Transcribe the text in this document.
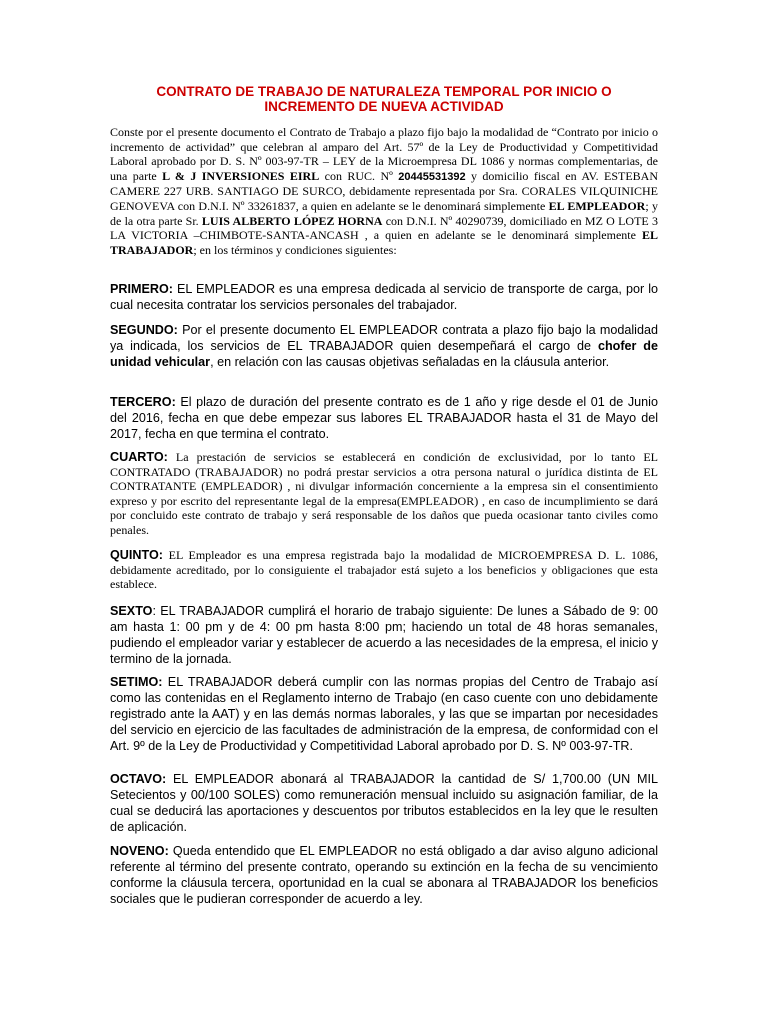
CONTRATO DE TRABAJO DE NATURALEZA TEMPORAL POR INICIO O INCREMENTO DE NUEVA ACTIVIDAD

Conste por el presente documento el Contrato de Trabajo a plazo fijo bajo la modalidad de “Contrato por inicio o incremento de actividad” que celebran al amparo del Art. 57º de la Ley de Productividad y Competitividad Laboral aprobado por D. S. Nº 003-97-TR – LEY de la Microempresa DL 1086 y normas complementarias, de una parte L & J INVERSIONES EIRL con RUC. Nº 20445531392 y domicilio fiscal en AV. ESTEBAN CAMERE 227 URB. SANTIAGO DE SURCO, debidamente representada por Sra. CORALES VILQUINICHE GENOVEVA con D.N.I. Nº 33261837, a quien en adelante se le denominará simplemente EL EMPLEADOR; y de la otra parte Sr. LUIS ALBERTO LÓPEZ HORNA con D.N.I. Nº 40290739, domiciliado en MZ O LOTE 3 LA VICTORIA –CHIMBOTE-SANTA-ANCASH , a quien en adelante se le denominará simplemente EL TRABAJADOR; en los términos y condiciones siguientes:

PRIMERO: EL EMPLEADOR es una empresa dedicada al servicio de transporte de carga, por lo cual necesita contratar los servicios personales del trabajador.

SEGUNDO: Por el presente documento EL EMPLEADOR contrata a plazo fijo bajo la modalidad ya indicada, los servicios de EL TRABAJADOR quien desempeñará el cargo de chofer de unidad vehicular, en relación con las causas objetivas señaladas en la cláusula anterior.

TERCERO: El plazo de duración del presente contrato es de 1 año y rige desde el 01 de Junio del 2016, fecha en que debe empezar sus labores EL TRABAJADOR hasta el 31 de Mayo del 2017, fecha en que termina el contrato.

CUARTO: La prestación de servicios se establecerá en condición de exclusividad, por lo tanto EL CONTRATADO (TRABAJADOR) no podrá prestar servicios a otra persona natural o jurídica distinta de EL CONTRATANTE (EMPLEADOR) , ni divulgar información concerniente a la empresa sin el consentimiento expreso y por escrito del representante legal de la empresa(EMPLEADOR) , en caso de incumplimiento se dará por concluido este contrato de trabajo y será responsable de los daños que pueda ocasionar tanto civiles como penales.

QUINTO: EL Empleador es una empresa registrada bajo la modalidad de MICROEMPRESA D. L. 1086, debidamente acreditado, por lo consiguiente el trabajador está sujeto a los beneficios y obligaciones que esta establece.

SEXTO: EL TRABAJADOR cumplirá el horario de trabajo siguiente: De lunes a Sábado de 9: 00 am hasta 1: 00 pm y de 4: 00 pm hasta 8:00 pm; haciendo un total de 48 horas semanales, pudiendo el empleador variar y establecer de acuerdo a las necesidades de la empresa, el inicio y termino de la jornada.

SETIMO: EL TRABAJADOR deberá cumplir con las normas propias del Centro de Trabajo así como las contenidas en el Reglamento interno de Trabajo (en caso cuente con uno debidamente registrado ante la AAT) y en las demás normas laborales, y las que se impartan por necesidades del servicio en ejercicio de las facultades de administración de la empresa, de conformidad con el Art. 9º de la Ley de Productividad y Competitividad Laboral aprobado por D. S. Nº 003-97-TR.

OCTAVO: EL EMPLEADOR abonará al TRABAJADOR la cantidad de S/ 1,700.00 (UN MIL Setecientos y 00/100 SOLES) como remuneración mensual incluido su asignación familiar, de la cual se deducirá las aportaciones y descuentos por tributos establecidos en la ley que le resulten de aplicación.

NOVENO: Queda entendido que EL EMPLEADOR no está obligado a dar aviso alguno adicional referente al término del presente contrato, operando su extinción en la fecha de su vencimiento conforme la cláusula tercera, oportunidad en la cual se abonara al TRABAJADOR los beneficios sociales que le pudieran corresponder de acuerdo a ley.
